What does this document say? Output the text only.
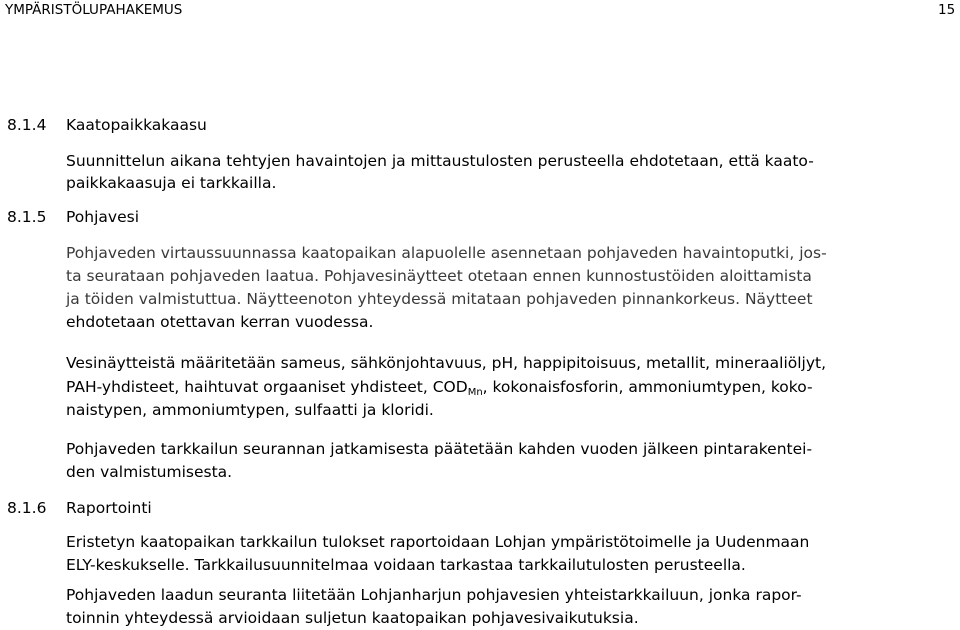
YMPÄRISTÖLUPAHAKEMUS	15
8.1.4 Kaatopaikkakaasu
Suunnittelun aikana tehtyjen havaintojen ja mittaustulosten perusteella ehdotetaan, että kaato-
paikkakaasuja ei tarkkailla.
8.1.5 Pohjavesi
Pohjaveden virtaussuunnassa kaatopaikan alapuolelle asennetaan pohjaveden havaintoputki, jos-
ta seurataan pohjaveden laatua. Pohjavesinäytteet otetaan ennen kunnostustöiden aloittamista
ja töiden valmistuttua. Näytteenoton yhteydessä mitataan pohjaveden pinnankorkeus. Näytteet
ehdotetaan otettavan kerran vuodessa.
Vesinäytteistä määritetään sameus, sähkönjohtavuus, pH, happipitoisuus, metallit, mineraaliöljyt,
PAH-yhdisteet, haihtuvat orgaaniset yhdisteet, $COD_{Mn}$, kokonaisfosforin, ammoniumtypen, koko-
naistypen, ammoniumtypen, sulfaatti ja kloridi.
Pohjaveden tarkkailun seurannan jatkamisesta päätetään kahden vuoden jälkeen pintarakentei-
den valmistumisesta.
8.1.6 Raportointi
Eristetyn kaatopaikan tarkkailun tulokset raportoidaan Lohjan ympäristötoimelle ja Uudenmaan
ELY-keskukselle. Tarkkailusuunnitelmaa voidaan tarkastaa tarkkailutulosten perusteella.
Pohjaveden laadun seuranta liitetään Lohjanharjun pohjavesien yhteistarkkailuun, jonka rapor-
toinnin yhteydessä arvioidaan suljetun kaatopaikan pohjavesivaikutuksia.
